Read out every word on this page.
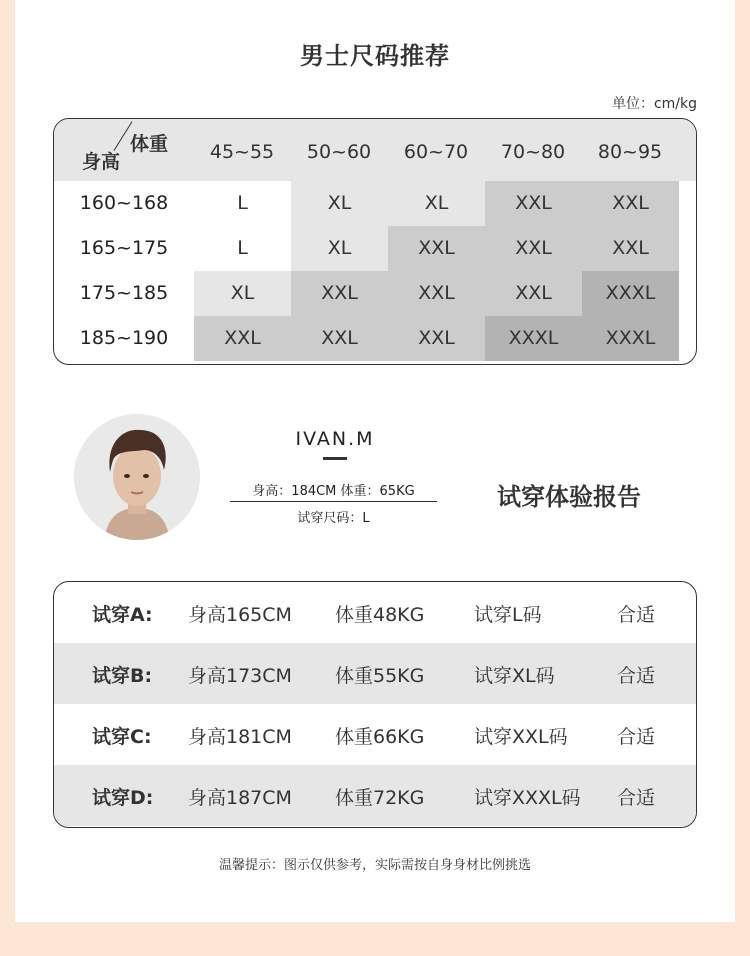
男士尺码推荐
单位：cm/kg
体重
身高	45~55	50~60	60~70	70~80	80~95
160~168	L	XL	XL	XXL	XXL
165~175	L	XL	XXL	XXL	XXL
175~185	XL	XXL	XXL	XXL	XXXL
185~190	XXL	XXL	XXL	XXXL	XXXL
IVAN.M
身高：184CM 体重：65KG
试穿尺码：L
试穿体验报告
试穿A: 身高165CM 体重48KG	试穿L码	合适
试穿B: 身高173CM 体重55KG	试穿XL码	合适
试穿C: 身高181CM 体重66KG	试穿XXL码	合适
试穿D: 身高187CM 体重72KG	试穿XXXL码 合适
温馨提示：图示仅供参考，实际需按自身身材比例挑选
